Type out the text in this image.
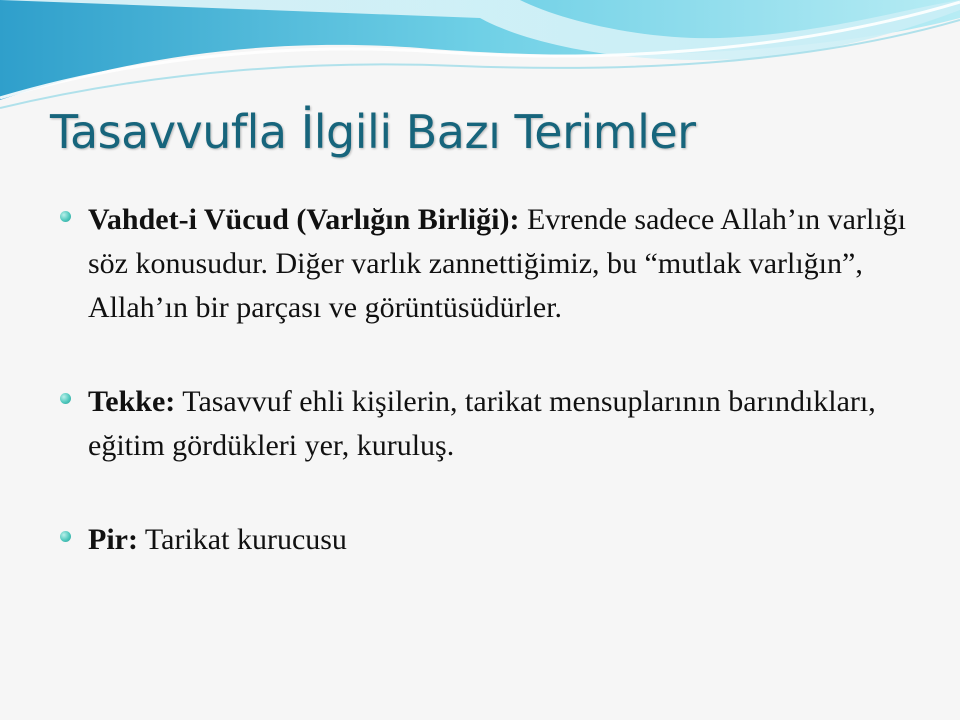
Tasavvufla İlgili Bazı Terimler
Vahdet-i Vücud (Varlığın Birliği): Evrende sadece Allah’ın varlığı söz konusudur. Diğer varlık zannettiğimiz, bu “mutlak varlığın”, Allah’ın bir parçası ve görüntüsüdürler.
Tekke: Tasavvuf ehli kişilerin, tarikat mensuplarının barındıkları, eğitim gördükleri yer, kuruluş.
Pir: Tarikat kurucusu
